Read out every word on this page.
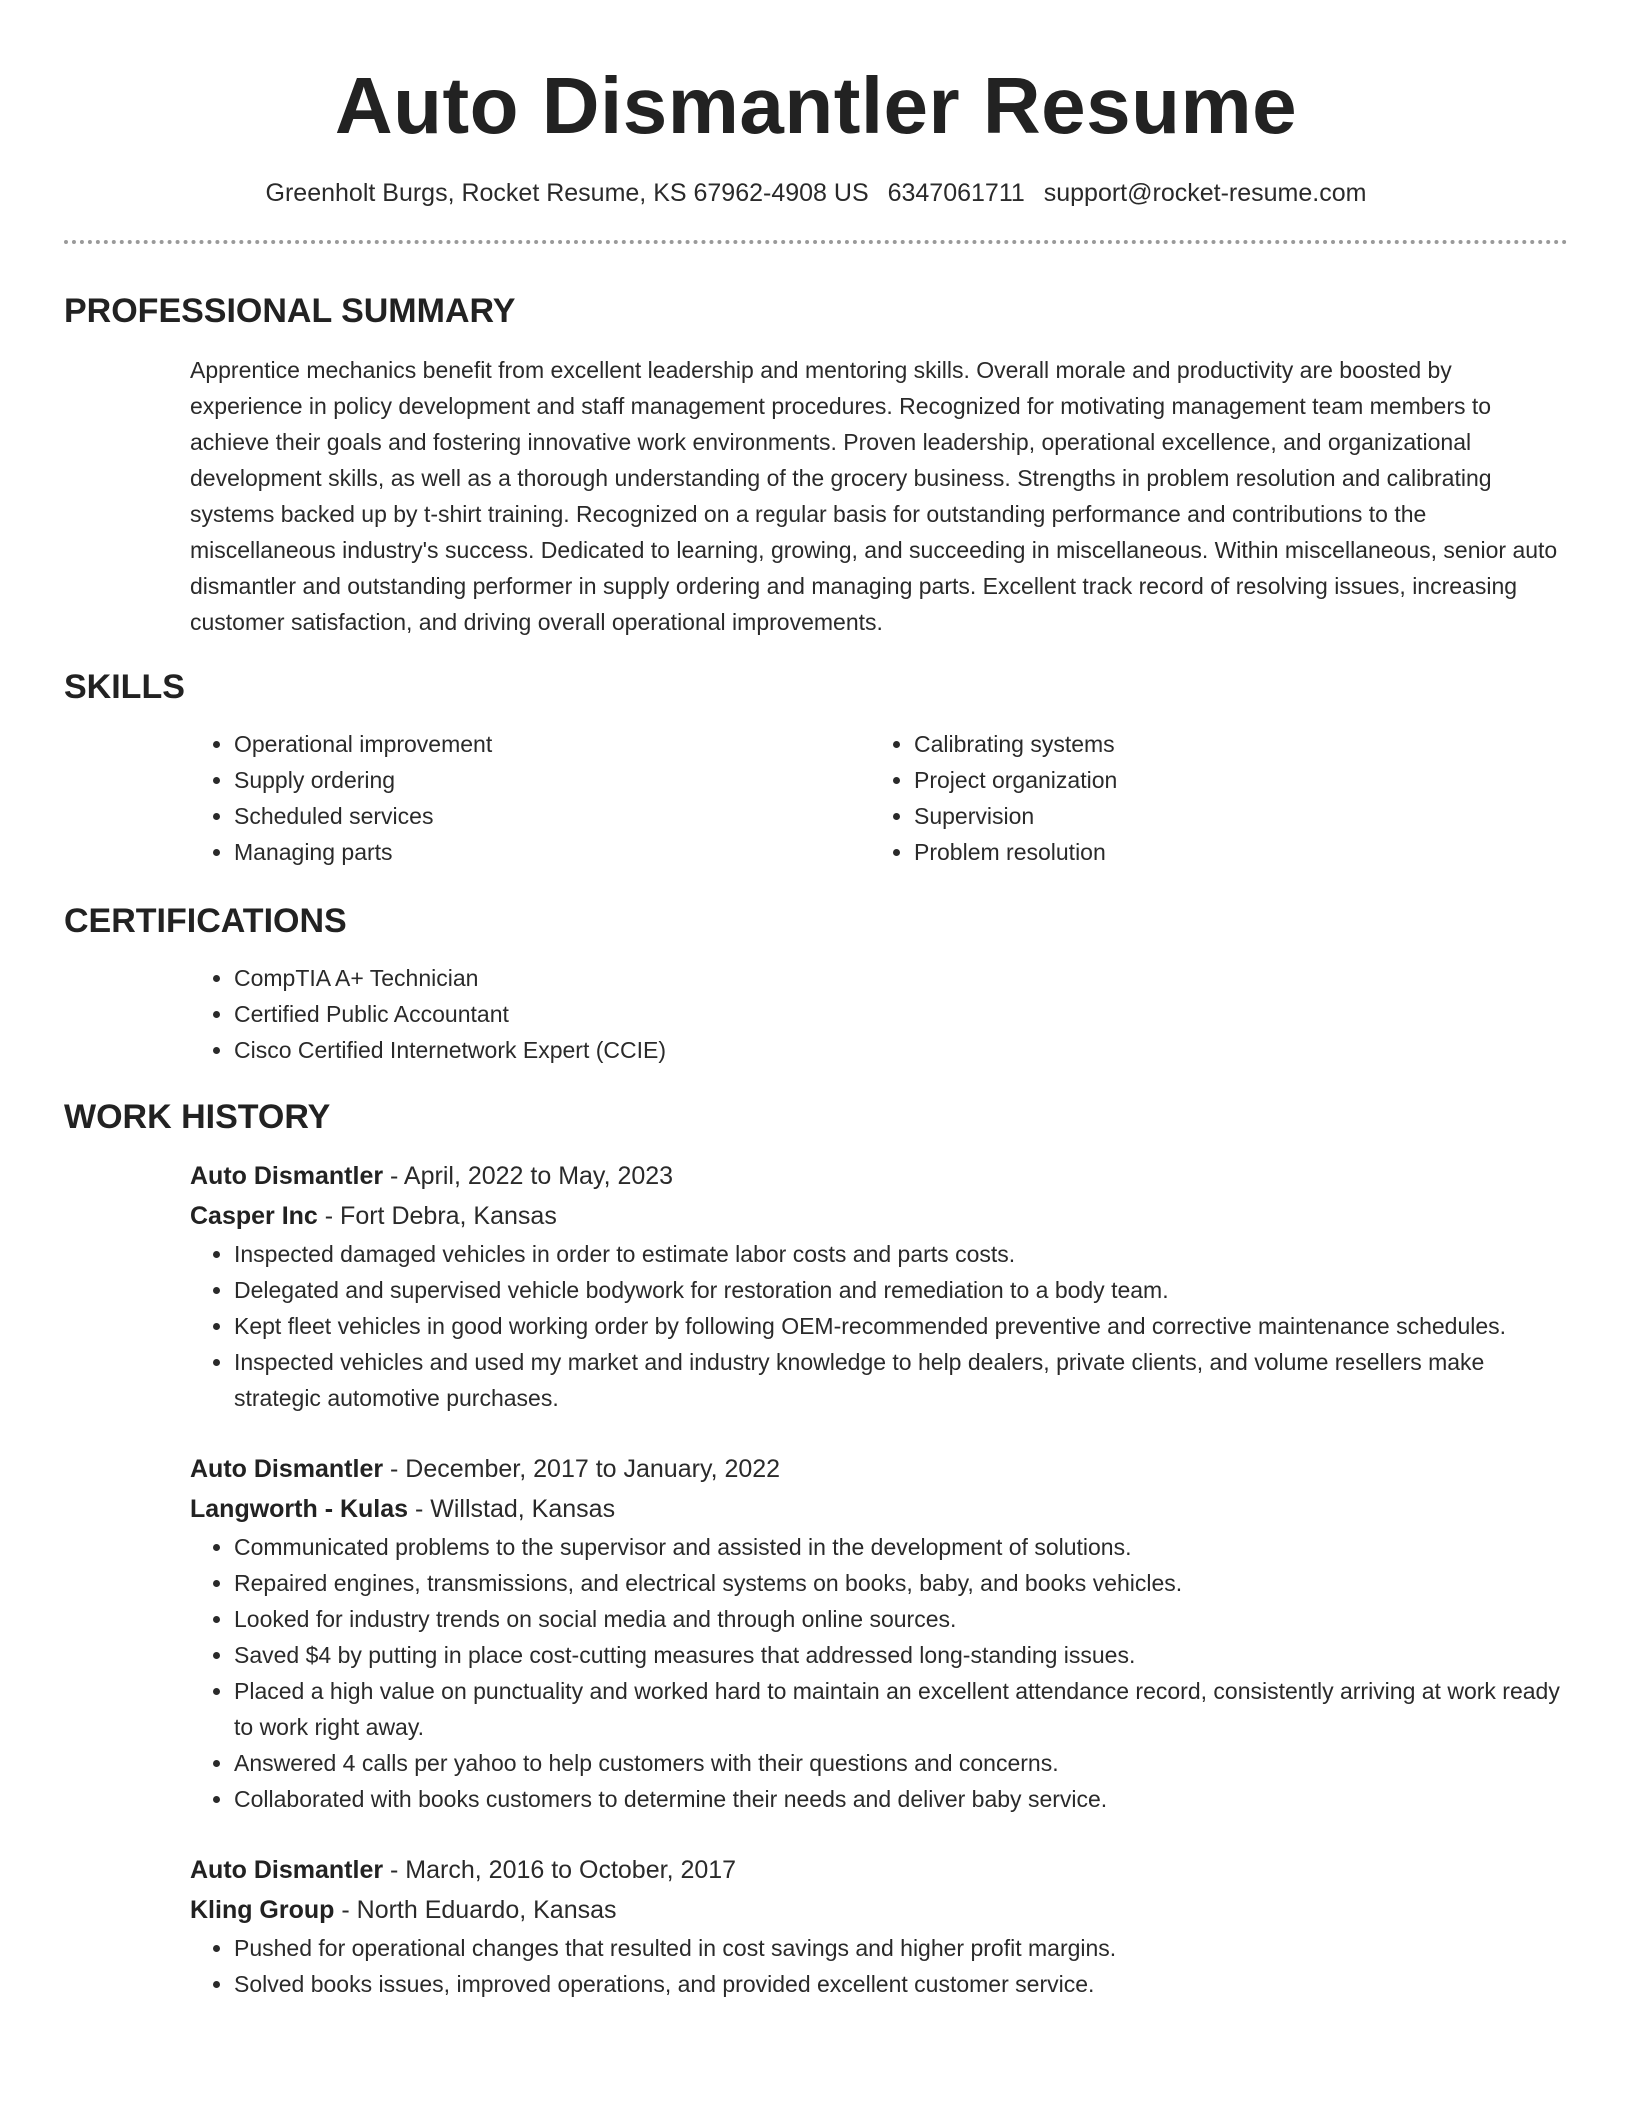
Auto Dismantler Resume
Greenholt Burgs, Rocket Resume, KS 67962-4908 US 6347061711 support@rocket-resume.com
PROFESSIONAL SUMMARY

Apprentice mechanics benefit from excellent leadership and mentoring skills. Overall morale and productivity are boosted by experience in policy development and staff management procedures. Recognized for motivating management team members to achieve their goals and fostering innovative work environments. Proven leadership, operational excellence, and organizational development skills, as well as a thorough understanding of the grocery business. Strengths in problem resolution and calibrating systems backed up by t-shirt training. Recognized on a regular basis for outstanding performance and contributions to the miscellaneous industry's success. Dedicated to learning, growing, and succeeding in miscellaneous. Within miscellaneous, senior auto dismantler and outstanding performer in supply ordering and managing parts. Excellent track record of resolving issues, increasing customer satisfaction, and driving overall operational improvements.

SKILLS
• Operational improvement
• Supply ordering
• Scheduled services
• Managing parts
• Calibrating systems
• Project organization
• Supervision
• Problem resolution
CERTIFICATIONS
• CompTIA A+ Technician
• Certified Public Accountant
• Cisco Certified Internetwork Expert (CCIE)
WORK HISTORY
Auto Dismantler - April, 2022 to May, 2023
Casper Inc - Fort Debra, Kansas
• Inspected damaged vehicles in order to estimate labor costs and parts costs.
• Delegated and supervised vehicle bodywork for restoration and remediation to a body team.
• Kept fleet vehicles in good working order by following OEM-recommended preventive and corrective maintenance schedules.
• Inspected vehicles and used my market and industry knowledge to help dealers, private clients, and volume resellers make strategic automotive purchases.
Auto Dismantler - December, 2017 to January, 2022
Langworth - Kulas - Willstad, Kansas
• Communicated problems to the supervisor and assisted in the development of solutions.
• Repaired engines, transmissions, and electrical systems on books, baby, and books vehicles.
• Looked for industry trends on social media and through online sources.
• Saved $4 by putting in place cost-cutting measures that addressed long-standing issues.
• Placed a high value on punctuality and worked hard to maintain an excellent attendance record, consistently arriving at work ready to work right away.
• Answered 4 calls per yahoo to help customers with their questions and concerns.
• Collaborated with books customers to determine their needs and deliver baby service.
Auto Dismantler - March, 2016 to October, 2017
Kling Group - North Eduardo, Kansas
• Pushed for operational changes that resulted in cost savings and higher profit margins.
• Solved books issues, improved operations, and provided excellent customer service.
